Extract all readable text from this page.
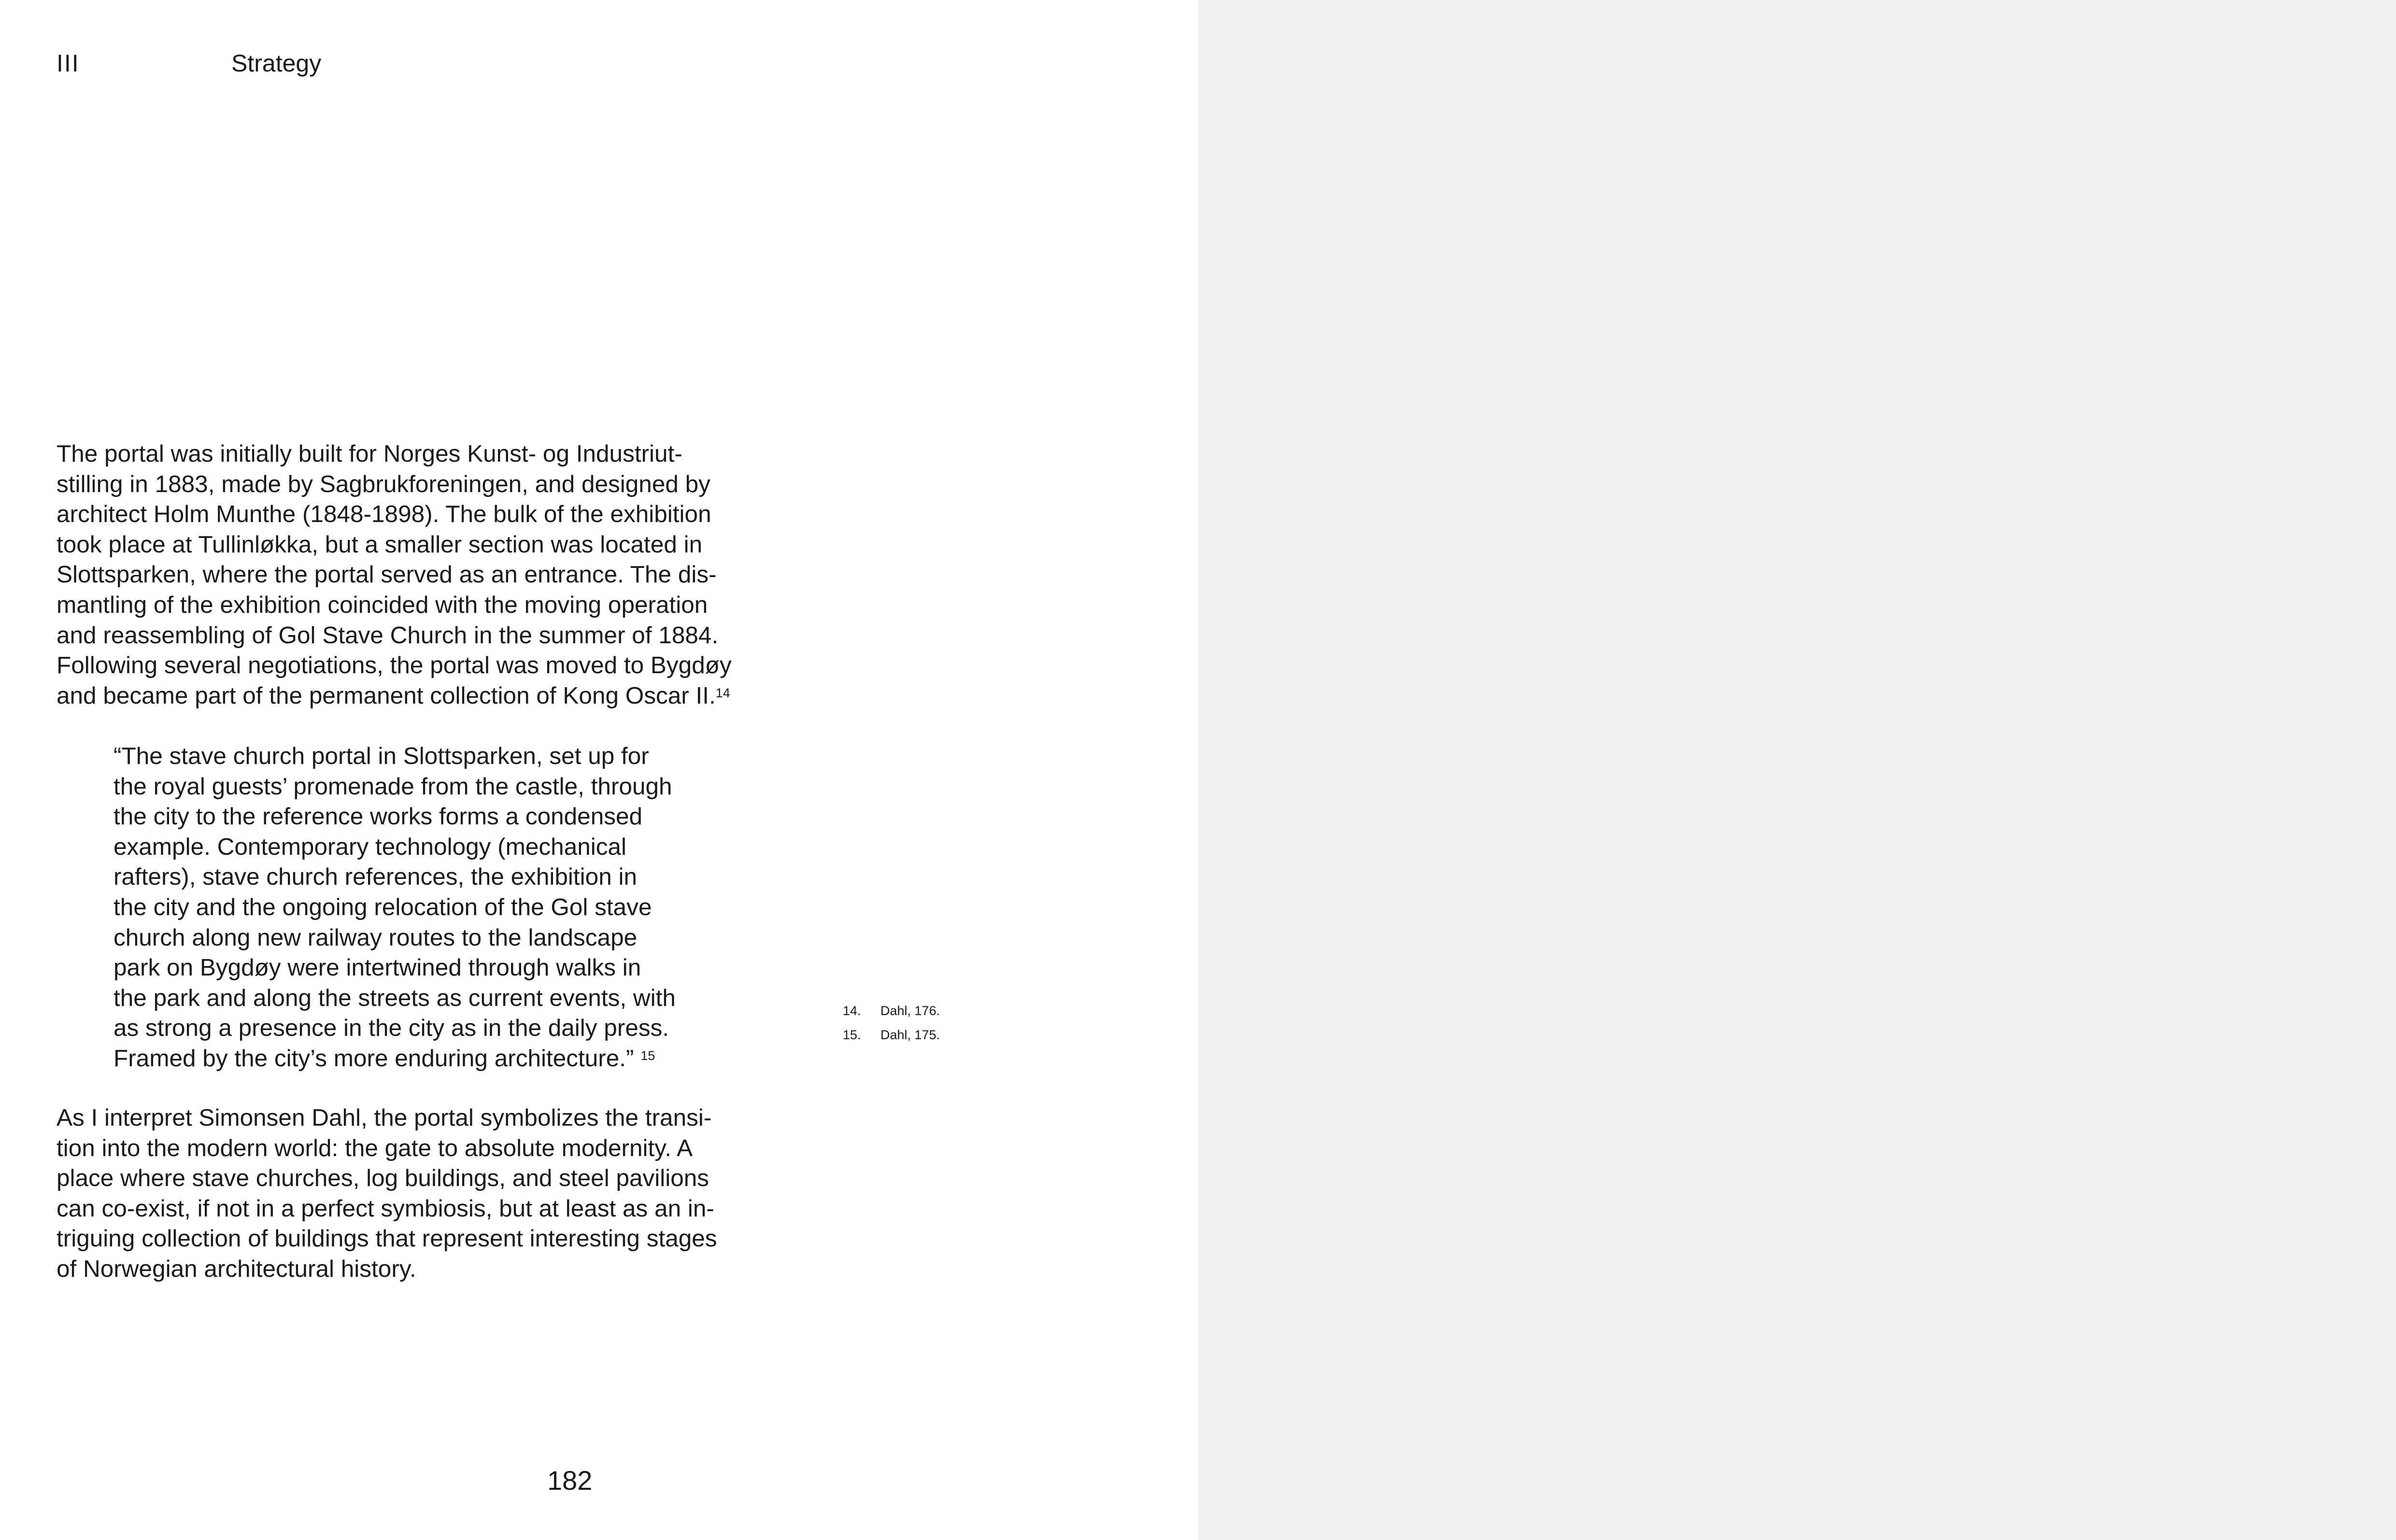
III	Strategy

The portal was initially built for Norges Kunst- og Industriut-
stilling in 1883, made by Sagbrukforeningen, and designed by
architect Holm Munthe (1848-1898). The bulk of the exhibition
took place at Tullinløkka, but a smaller section was located in
Slottsparken, where the portal served as an entrance. The dis-
mantling of the exhibition coincided with the moving operation
and reassembling of Gol Stave Church in the summer of 1884.
Following several negotiations, the portal was moved to Bygdøy
and became part of the permanent collection of Kong Oscar II.$^{14}$

“The stave church portal in Slottsparken, set up for
the royal guests’ promenade from the castle, through
the city to the reference works forms a condensed
example. Contemporary technology (mechanical
rafters), stave church references, the exhibition in
the city and the ongoing relocation of the Gol stave
church along new railway routes to the landscape
park on Bygdøy were intertwined through walks in
the park and along the streets as current events, with
as strong a presence in the city as in the daily press.
Framed by the city’s more enduring architecture.” $^{15}$

As I interpret Simonsen Dahl, the portal symbolizes the transi-
tion into the modern world: the gate to absolute modernity. A
place where stave churches, log buildings, and steel pavilions
can co-exist, if not in a perfect symbiosis, but at least as an in-
triguing collection of buildings that represent interesting stages
of Norwegian architectural history.

14. Dahl, 176.
15. Dahl, 175.
182
